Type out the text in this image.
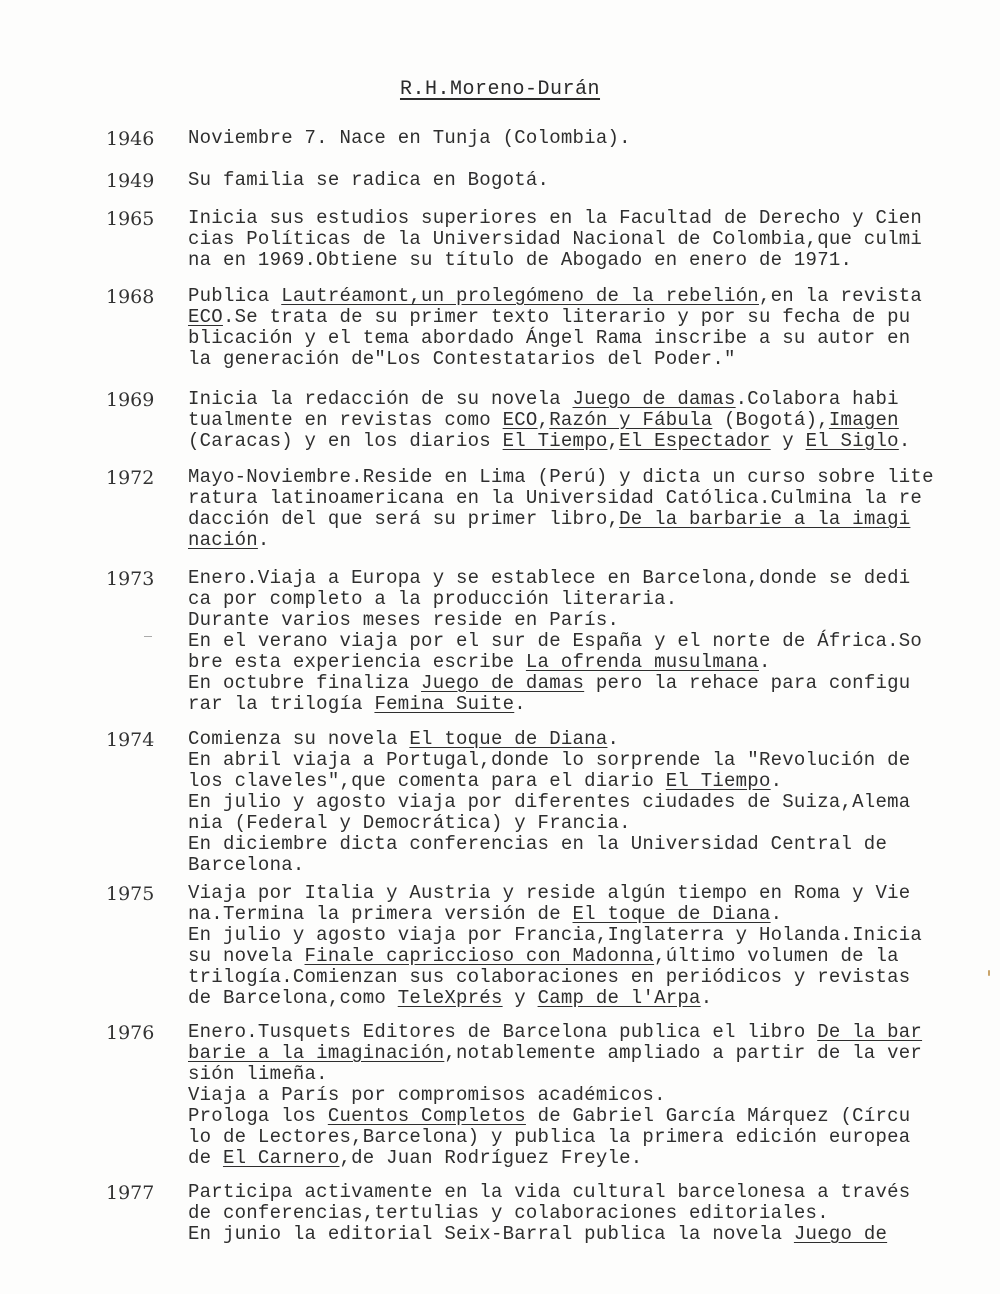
R.H.Moreno-Durán
1946 Noviembre 7. Nace en Tunja (Colombia).
1949 Su familia se radica en Bogotá.
1965 Inicia sus estudios superiores en la Facultad de Derecho y Cien
cias Políticas de la Universidad Nacional de Colombia,que culmi
na en 1969.Obtiene su título de Abogado en enero de 1971.
1968 Publica Lautréamont,un prolegómeno de la rebelión,en la revista
ECO.Se trata de su primer texto literario y por su fecha de pu
blicación y el tema abordado Ángel Rama inscribe a su autor en
la generación de"Los Contestatarios del Poder."
1969 Inicia la redacción de su novela Juego de damas.Colabora habi
tualmente en revistas como ECO,Razón y Fábula (Bogotá),Imagen
(Caracas) y en los diarios El Tiempo,El Espectador y El Siglo.
1972 Mayo-Noviembre.Reside en Lima (Perú) y dicta un curso sobre lite
ratura latinoamericana en la Universidad Católica.Culmina la re
dacción del que será su primer libro,De la barbarie a la imagi
nación.
1973 Enero.Viaja a Europa y se establece en Barcelona,donde se dedi
ca por completo a la producción literaria.
Durante varios meses reside en París.
En el verano viaja por el sur de España y el norte de África.So
bre esta experiencia escribe La ofrenda musulmana.
En octubre finaliza Juego de damas pero la rehace para configu
rar la trilogía Femina Suite.
1974 Comienza su novela El toque de Diana.
En abril viaja a Portugal,donde lo sorprende la "Revolución de
los claveles",que comenta para el diario El Tiempo.
En julio y agosto viaja por diferentes ciudades de Suiza,Alema
nia (Federal y Democrática) y Francia.
En diciembre dicta conferencias en la Universidad Central de
Barcelona.
1975 Viaja por Italia y Austria y reside algún tiempo en Roma y Vie
na.Termina la primera versión de El toque de Diana.
En julio y agosto viaja por Francia,Inglaterra y Holanda.Inicia
su novela Finale capriccioso con Madonna,último volumen de la
trilogía.Comienzan sus colaboraciones en periódicos y revistas
de Barcelona,como TeleXprés y Camp de l'Arpa.
1976 Enero.Tusquets Editores de Barcelona publica el libro De la bar
barie a la imaginación,notablemente ampliado a partir de la ver
sión limeña.
Viaja a París por compromisos académicos.
Prologa los Cuentos Completos de Gabriel García Márquez (Círcu
lo de Lectores,Barcelona) y publica la primera edición europea
de El Carnero,de Juan Rodríguez Freyle.
1977 Participa activamente en la vida cultural barcelonesa a través
de conferencias,tertulias y colaboraciones editoriales.
En junio la editorial Seix-Barral publica la novela Juego de
